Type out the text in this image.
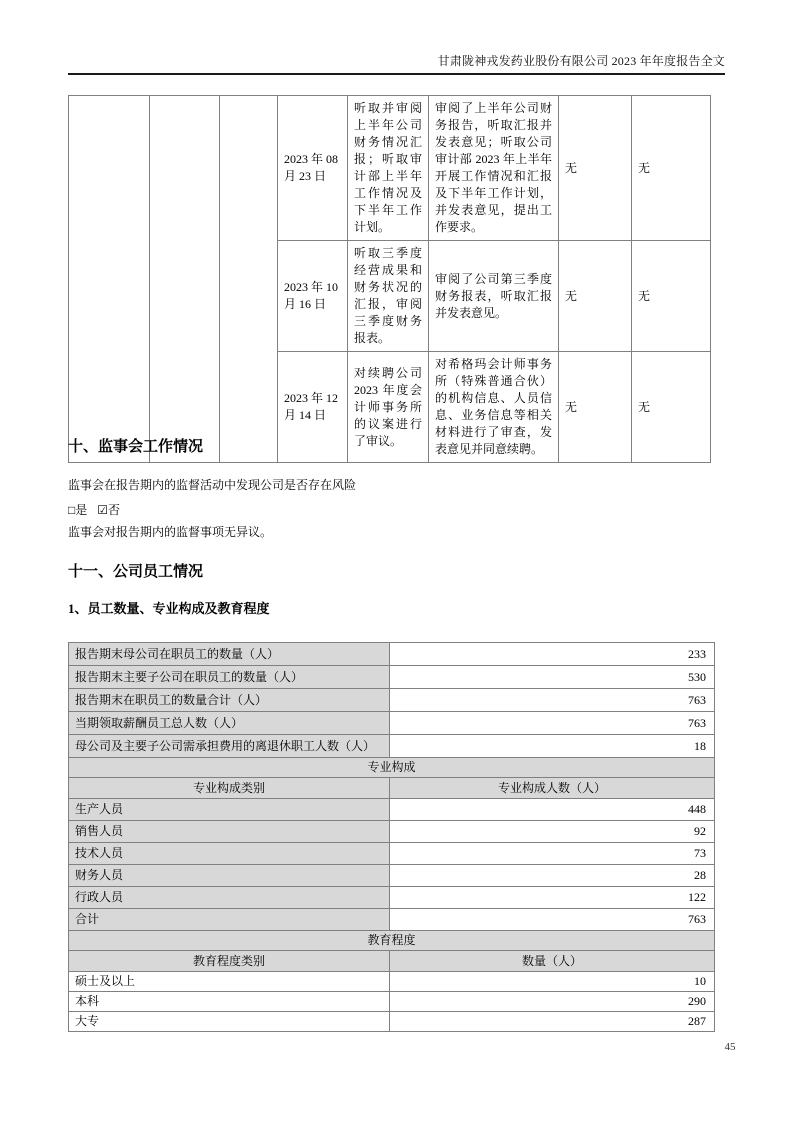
甘肃陇神戎发药业股份有限公司 2023 年年度报告全文
			2023 年 08 月 23 日	听取并审阅上半年公司财务情况汇报；听取审计部上半年工作情况及下半年工作计划。	审阅了上半年公司财务报告，听取汇报并发表意见；听取公司审计部 2023 年上半年开展工作情况和汇报及下半年工作计划，并发表意见，提出工作要求。	无	无
			2023 年 10 月 16 日	听取三季度经营成果和财务状况的汇报，审阅三季度财务报表。	审阅了公司第三季度财务报表，听取汇报并发表意见。	无	无
			2023 年 12 月 14 日	对续聘公司 2023 年度会计师事务所的议案进行了审议。	对希格玛会计师事务所（特殊普通合伙）的机构信息、人员信息、业务信息等相关材料进行了审查，发表意见并同意续聘。	无	无
十、监事会工作情况
监事会在报告期内的监督活动中发现公司是否存在风险
□是 ☑否
监事会对报告期内的监督事项无异议。
十一、公司员工情况
1、员工数量、专业构成及教育程度
报告期末母公司在职员工的数量（人）	233
报告期末主要子公司在职员工的数量（人）	530
报告期末在职员工的数量合计（人）	763
当期领取薪酬员工总人数（人）	763
母公司及主要子公司需承担费用的离退休职工人数（人）	18
专业构成	
专业构成类别	专业构成人数（人）
生产人员	448
销售人员	92
技术人员	73
财务人员	28
行政人员	122
合计	763
教育程度	
教育程度类别	数量（人）
硕士及以上	10
本科	290
大专	287
45
